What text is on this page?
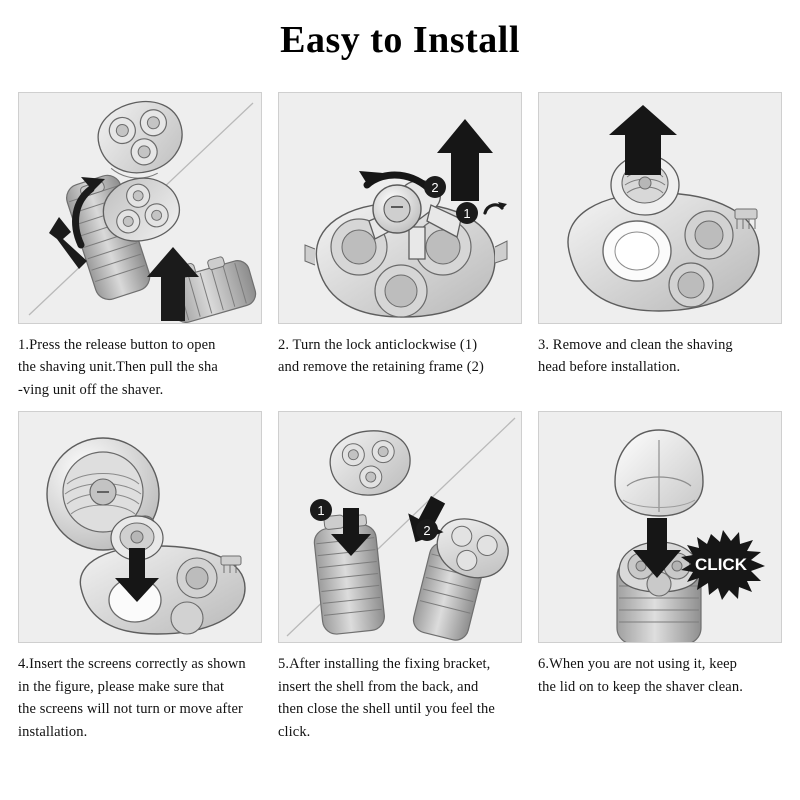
Easy to Install
1.Press the release button to open
the shaving unit.Then pull the sha
-ving unit off the shaver.
2
1
2. Turn the lock anticlockwise (1)
and remove the retaining frame (2)
3. Remove and clean the shaving
head before installation.
4.Insert the screens correctly as shown
in the figure, please make sure that
the screens will not turn or move after
installation.
1
2
5.After installing the fixing bracket,
insert the shell from the back, and
then close the shell until you feel the
click.
CLICK
6.When you are not using it, keep
the lid on to keep the shaver clean.
